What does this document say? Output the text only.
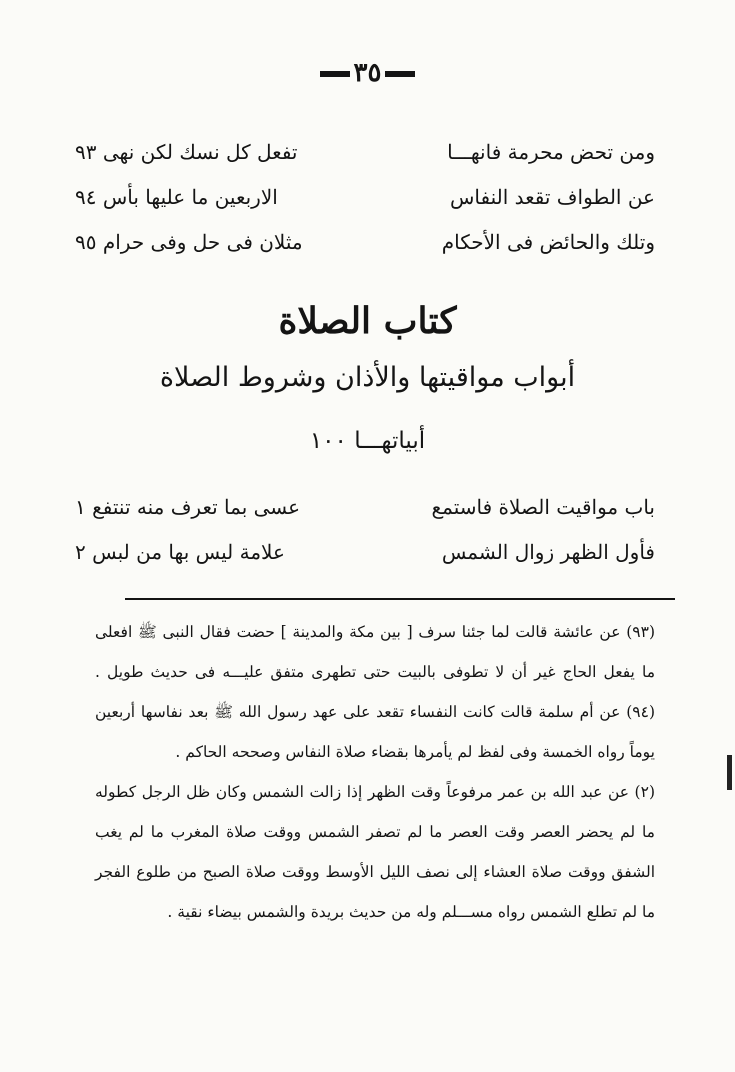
٣٥
ومن تحض محرمة فانهـــا
تفعل كل نسك لكن نهى ٩٣
عن الطواف تقعد النفاس
الاربعين ما عليها بأس ٩٤
وتلك والحائض فى الأحكام
مثلان فى حل وفى حرام ٩٥
كتاب الصلاة
أبواب مواقيتها والأذان وشروط الصلاة
أبياتهـــا ١٠٠
باب مواقيت الصلاة فاستمع
عسى بما تعرف منه تنتفع ١
فأول الظهر زوال الشمس
علامة ليس بها من لبس ٢

(٩٣) عن عائشة قالت لما جئنا سرف [ بين مكة والمدينة ] حضت فقال النبى ﷺ افعلى ما يفعل الحاج غير أن لا تطوفى بالبيت حتى تطهرى متفق عليـــه فى حديث طويل . (٩٤) عن أم سلمة قالت كانت النفساء تقعد على عهد رسول الله ﷺ بعد نفاسها أربعين يوماً رواه الخمسة وفى لفظ لم يأمرها بقضاء صلاة النفاس وصححه الحاكم .

(٢) عن عبد الله بن عمر مرفوعاً وقت الظهر إذا زالت الشمس وكان ظل الرجل كطوله ما لم يحضر العصر وقت العصر ما لم تصفر الشمس ووقت صلاة المغرب ما لم يغب الشفق ووقت صلاة العشاء إلى نصف الليل الأوسط ووقت صلاة الصبح من طلوع الفجر ما لم تطلع الشمس رواه مســـلم وله من حديث بريدة والشمس بيضاء نقية .
